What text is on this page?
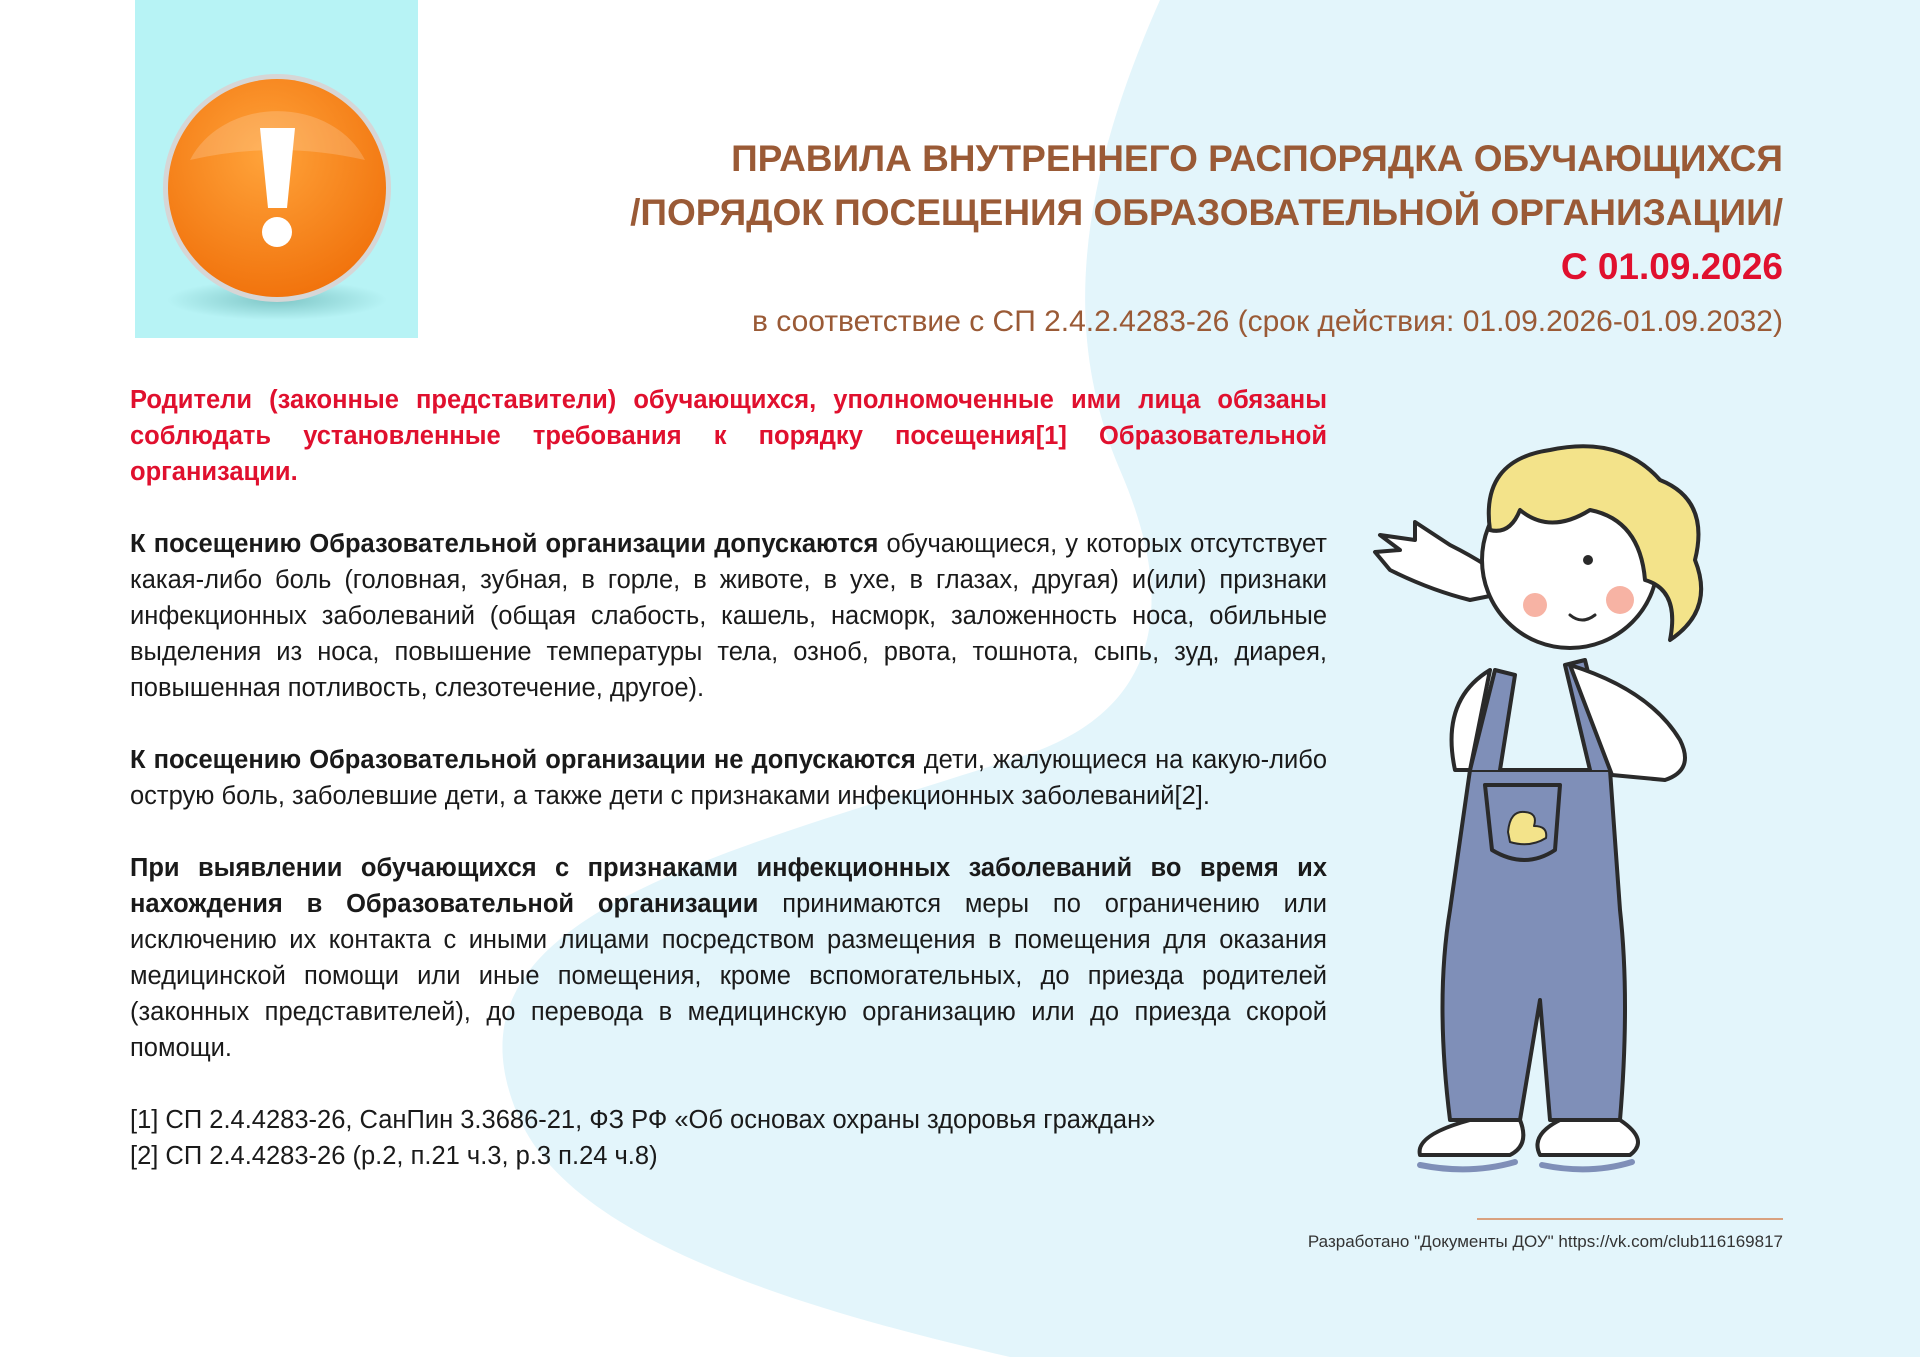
ПРАВИЛА ВНУТРЕННЕГО РАСПОРЯДКА ОБУЧАЮЩИХСЯ
/ПОРЯДОК ПОСЕЩЕНИЯ ОБРАЗОВАТЕЛЬНОЙ ОРГАНИЗАЦИИ/
С 01.09.2026
в соответствие с СП 2.4.2.4283-26 (срок действия: 01.09.2026-01.09.2032)

Родители (законные представители) обучающихся, уполномоченные ими лица обязаны соблюдать установленные требования к порядку посещения[1] Образовательной организации.

К посещению Образовательной организации допускаются обучающиеся, у которых отсутствует какая-либо боль (головная, зубная, в горле, в животе, в ухе, в глазах, другая) и(или) признаки инфекционных заболеваний (общая слабость, кашель, насморк, заложенность носа, обильные выделения из носа, повышение температуры тела, озноб, рвота, тошнота, сыпь, зуд, диарея, повышенная потливость, слезотечение, другое).

К посещению Образовательной организации не допускаются дети, жалующиеся на какую-либо острую боль, заболевшие дети, а также дети с признаками инфекционных заболеваний[2].

При выявлении обучающихся с признаками инфекционных заболеваний во время их нахождения в Образовательной организации принимаются меры по ограничению или исключению их контакта с иными лицами посредством размещения в помещения для оказания медицинской помощи или иные помещения, кроме вспомогательных, до приезда родителей (законных представителей), до перевода в медицинскую организацию или до приезда скорой помощи.

[1] СП 2.4.4283-26, СанПин 3.3686-21, ФЗ РФ «Об основах охраны здоровья граждан»
[2] СП 2.4.4283-26 (р.2, п.21 ч.3, р.3 п.24 ч.8)
Разработано "Документы ДОУ" https://vk.com/club116169817
